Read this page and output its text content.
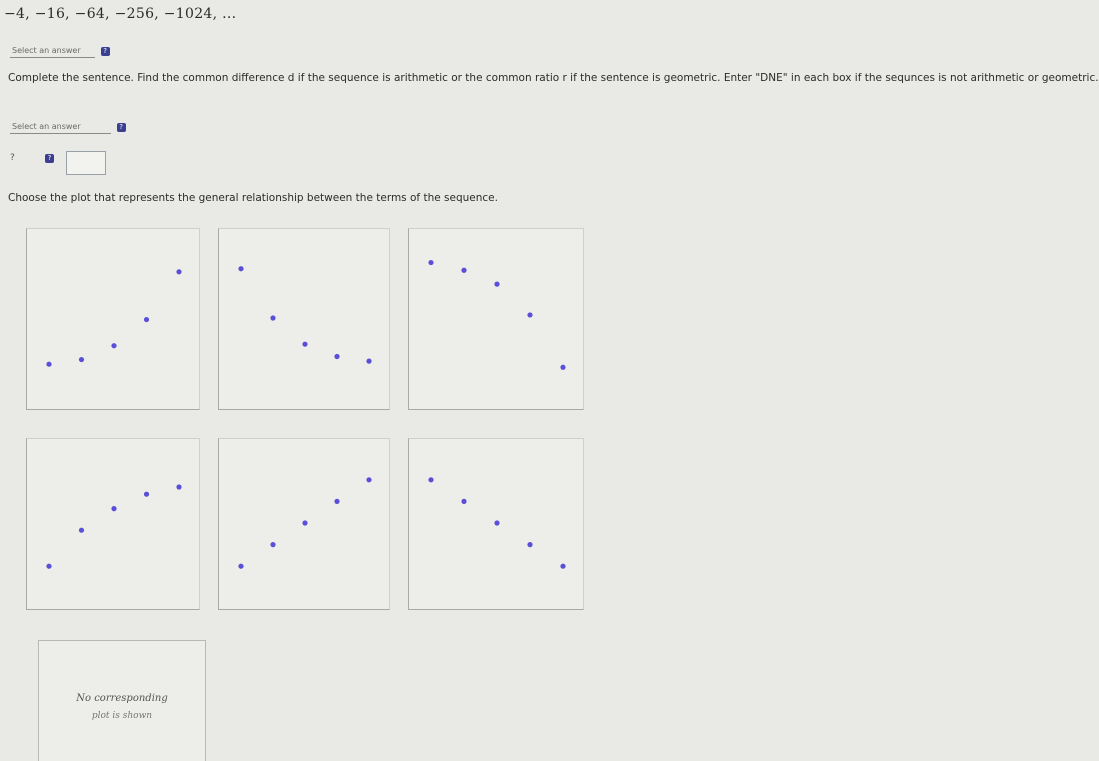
−4, −16, −64, −256, −1024, ...
Select an answer	?
Complete the sentence. Find the common difference d if the sequence is arithmetic or the common ratio r if the sentence is geometric. Enter "DNE" in each box if the sequnces is not arithmetic or geometric.
Select an answer	?
?	?
Choose the plot that represents the general relationship between the terms of the sequence.
No corresponding
plot is shown
